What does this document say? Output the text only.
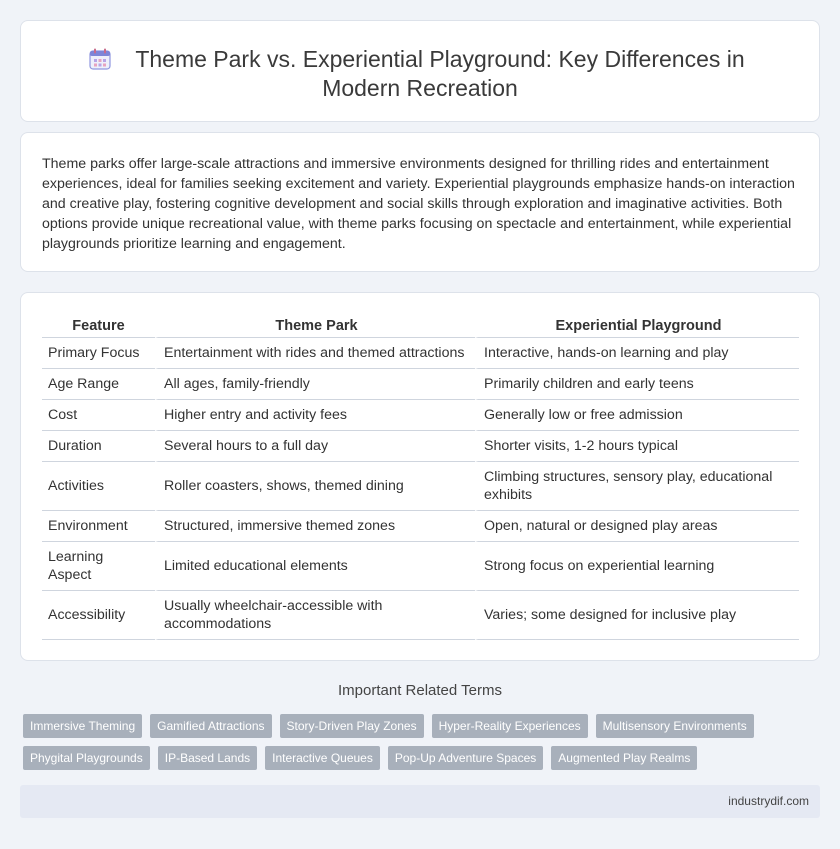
Theme Park vs. Experiential Playground: Key Differences in
Modern Recreation

Theme parks offer large-scale attractions and immersive environments designed for thrilling rides and entertainment experiences, ideal for families seeking excitement and variety. Experiential playgrounds emphasize hands-on interaction and creative play, fostering cognitive development and social skills through exploration and imaginative activities. Both options provide unique recreational value, with theme parks focusing on spectacle and entertainment, while experiential playgrounds prioritize learning and engagement.

Feature	Theme Park	Experiential Playground
Primary Focus	Entertainment with rides and themed attractions	Interactive, hands-on learning and play
Age Range	All ages, family-friendly	Primarily children and early teens
Cost	Higher entry and activity fees	Generally low or free admission
Duration	Several hours to a full day	Shorter visits, 1-2 hours typical
Activities	Roller coasters, shows, themed dining	Climbing structures, sensory play, educational exhibits
Environment	Structured, immersive themed zones	Open, natural or designed play areas
Learning Aspect	Limited educational elements	Strong focus on experiential learning
Accessibility	Usually wheelchair-accessible with accommodations	Varies; some designed for inclusive play
Important Related Terms
Immersive Theming	Gamified Attractions	Story-Driven Play Zones	Hyper-Reality Experiences	Multisensory Environments
Phygital Playgrounds	IP-Based Lands	Interactive Queues	Pop-Up Adventure Spaces	Augmented Play Realms
industrydif.com
